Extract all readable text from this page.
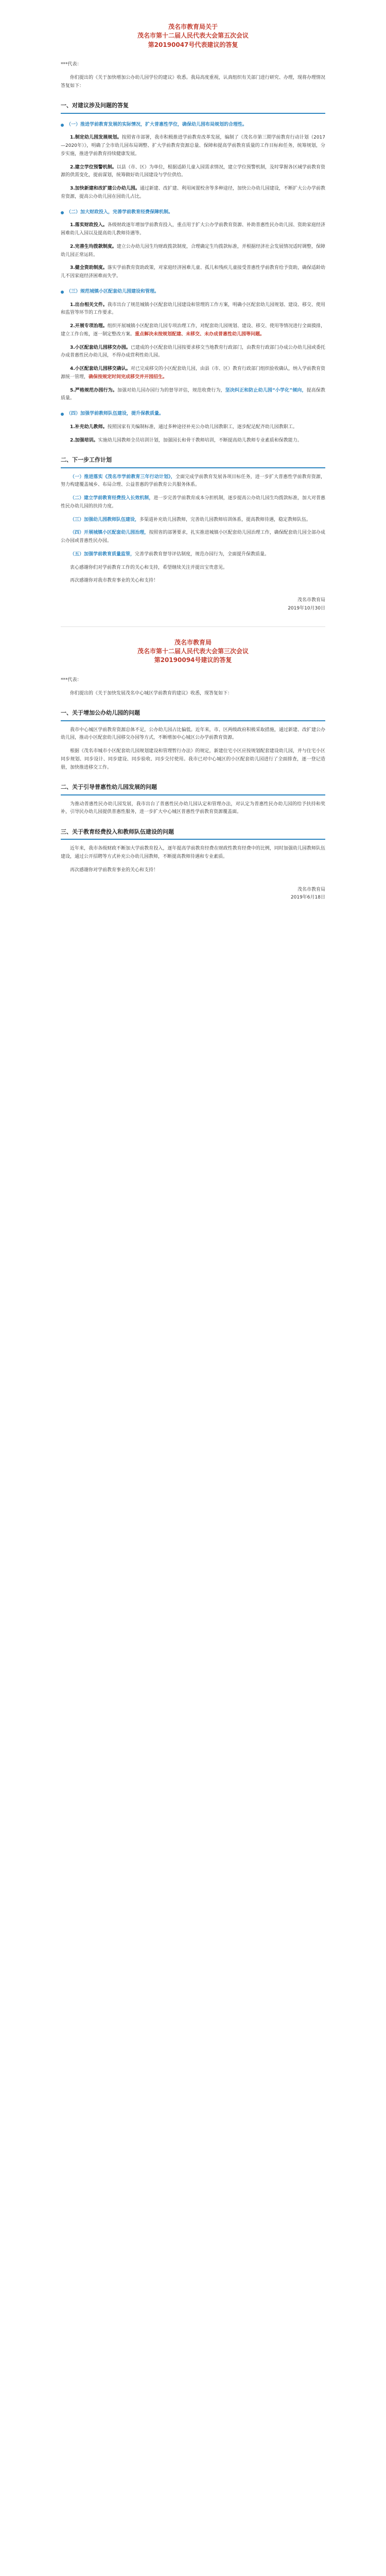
茂名市教育局关于
茂名市第十二届人民代表大会第五次会议
第20190047号代表建议的答复
***代表：

你们提出的《关于加快增加公办幼儿园学位的建议》收悉。我局高度重视，认真组织有关部门进行研究、办理，现将办理情况答复如下：

一、对建议涉及问题的答复
（一）推进学前教育发展的实际情况，扩大普惠性学位，确保幼儿园布局规划的合理性。

1.制定幼儿园发展规划。按照省市部署，我市积极推进学前教育改革发展，编制了《茂名市第三期学前教育行动计划（2017—2020年）》，明确了全市幼儿园布局调整、扩大学前教育资源总量、保障和提高学前教育质量的工作目标和任务，统筹规划，分步实施，推进学前教育持续健康发展。

2.建立学位预警机制。以县（市、区）为单位，根据适龄儿童入园需求情况，建立学位预警机制，及时掌握各区域学前教育资源的供需变化，提前谋划，统筹做好幼儿园建设与学位供给。

3.加快新建和改扩建公办幼儿园。通过新建、改扩建、利用闲置校舍等多种途径，加快公办幼儿园建设，不断扩大公办学前教育资源，提高公办幼儿园在园幼儿占比。

（二）加大财政投入，完善学前教育经费保障机制。

1.落实财政投入。各级财政逐年增加学前教育投入，重点用于扩大公办学前教育资源、补助普惠性民办幼儿园、资助家庭经济困难幼儿入园以及提高幼儿教师待遇等。

2.完善生均拨款制度。建立公办幼儿园生均财政拨款制度，合理确定生均拨款标准，并根据经济社会发展情况适时调整，保障幼儿园正常运转。

3.健全资助制度。落实学前教育资助政策，对家庭经济困难儿童、孤儿和残疾儿童接受普惠性学前教育给予资助，确保适龄幼儿不因家庭经济困难而失学。

（三）规范城镇小区配套幼儿园建设和管理。

1.出台相关文件。我市出台了规范城镇小区配套幼儿园建设和管理的工作方案，明确小区配套幼儿园规划、建设、移交、使用和监管等环节的工作要求。

2.开展专项治理。组织开展城镇小区配套幼儿园专项治理工作，对配套幼儿园规划、建设、移交、使用等情况进行全面摸排，建立工作台账，逐一制定整改方案。重点解决未按规划配建、未移交、未办成普惠性幼儿园等问题。

3.小区配套幼儿园移交办园。已建成的小区配套幼儿园按要求移交当地教育行政部门，由教育行政部门办成公办幼儿园或委托办成普惠性民办幼儿园，不得办成营利性幼儿园。

4.小区配套幼儿园移交确认。对已完成移交的小区配套幼儿园，由县（市、区）教育行政部门组织验收确认，纳入学前教育资源统一管理，确保按规定时间完成移交并开园招生。

5.严格规范办园行为。加强对幼儿园办园行为的督导评估，规范收费行为，坚决纠正和防止幼儿园“小学化”倾向，提高保教质量。

（四）加强学前教师队伍建设，提升保教质量。

1.补充幼儿教师。按照国家有关编制标准，通过多种途径补充公办幼儿园教职工，逐步配足配齐幼儿园教职工。

2.加强培训。实施幼儿园教师全员培训计划，加强园长和骨干教师培训，不断提高幼儿教师专业素质和保教能力。

二、下一步工作计划

（一）推进落实《茂名市学前教育三年行动计划》，全面完成学前教育发展各项目标任务，进一步扩大普惠性学前教育资源，努力构建覆盖城乡、布局合理、公益普惠的学前教育公共服务体系。

（二）建立学前教育经费投入长效机制，进一步完善学前教育成本分担机制，逐步提高公办幼儿园生均拨款标准，加大对普惠性民办幼儿园的扶持力度。

（三）加强幼儿园教师队伍建设，多渠道补充幼儿园教师，完善幼儿园教师培训体系，提高教师待遇，稳定教师队伍。

（四）开展城镇小区配套幼儿园治理，按照省的部署要求，扎实推进城镇小区配套幼儿园治理工作，确保配套幼儿园全部办成公办园或普惠性民办园。

（五）加强学前教育质量监管，完善学前教育督导评估制度，规范办园行为，全面提升保教质量。

衷心感谢你们对学前教育工作的关心和支持，希望继续关注并提出宝贵意见。

再次感谢你对我市教育事业的关心和支持！

茂名市教育局
2019年10月30日
茂名市教育局
茂名市第十二届人民代表大会第三次会议
第20190094号建议的答复
***代表：

你们提出的《关于加快发展茂名中心城区学前教育的建议》收悉，现答复如下：

一、关于增加公办幼儿园的问题

我市中心城区学前教育资源总体不足，公办幼儿园占比偏低。近年来，市、区两级政府积极采取措施，通过新建、改扩建公办幼儿园，推动小区配套幼儿园移交办园等方式，不断增加中心城区公办学前教育资源。

根据《茂名市城市小区配套幼儿园规划建设和管理暂行办法》的规定，新建住宅小区应按规划配套建设幼儿园，并与住宅小区同步规划、同步设计、同步建设、同步验收、同步交付使用。我市已对中心城区的小区配套幼儿园进行了全面排查，逐一登记造册，加快推进移交工作。

二、关于引导普惠性幼儿园发展的问题

为推动普惠性民办幼儿园发展，我市出台了普惠性民办幼儿园认定和管理办法，对认定为普惠性民办幼儿园的给予扶持和奖补，引导民办幼儿园提供普惠性服务，进一步扩大中心城区普惠性学前教育资源覆盖面。

三、关于教育经费投入和教师队伍建设的问题

近年来，我市各级财政不断加大学前教育投入，逐年提高学前教育经费在财政性教育经费中的比例，同时加强幼儿园教师队伍建设，通过公开招聘等方式补充公办幼儿园教师，不断提高教师待遇和专业素质。

再次感谢你对学前教育事业的关心和支持！

茂名市教育局
2019年6月18日
